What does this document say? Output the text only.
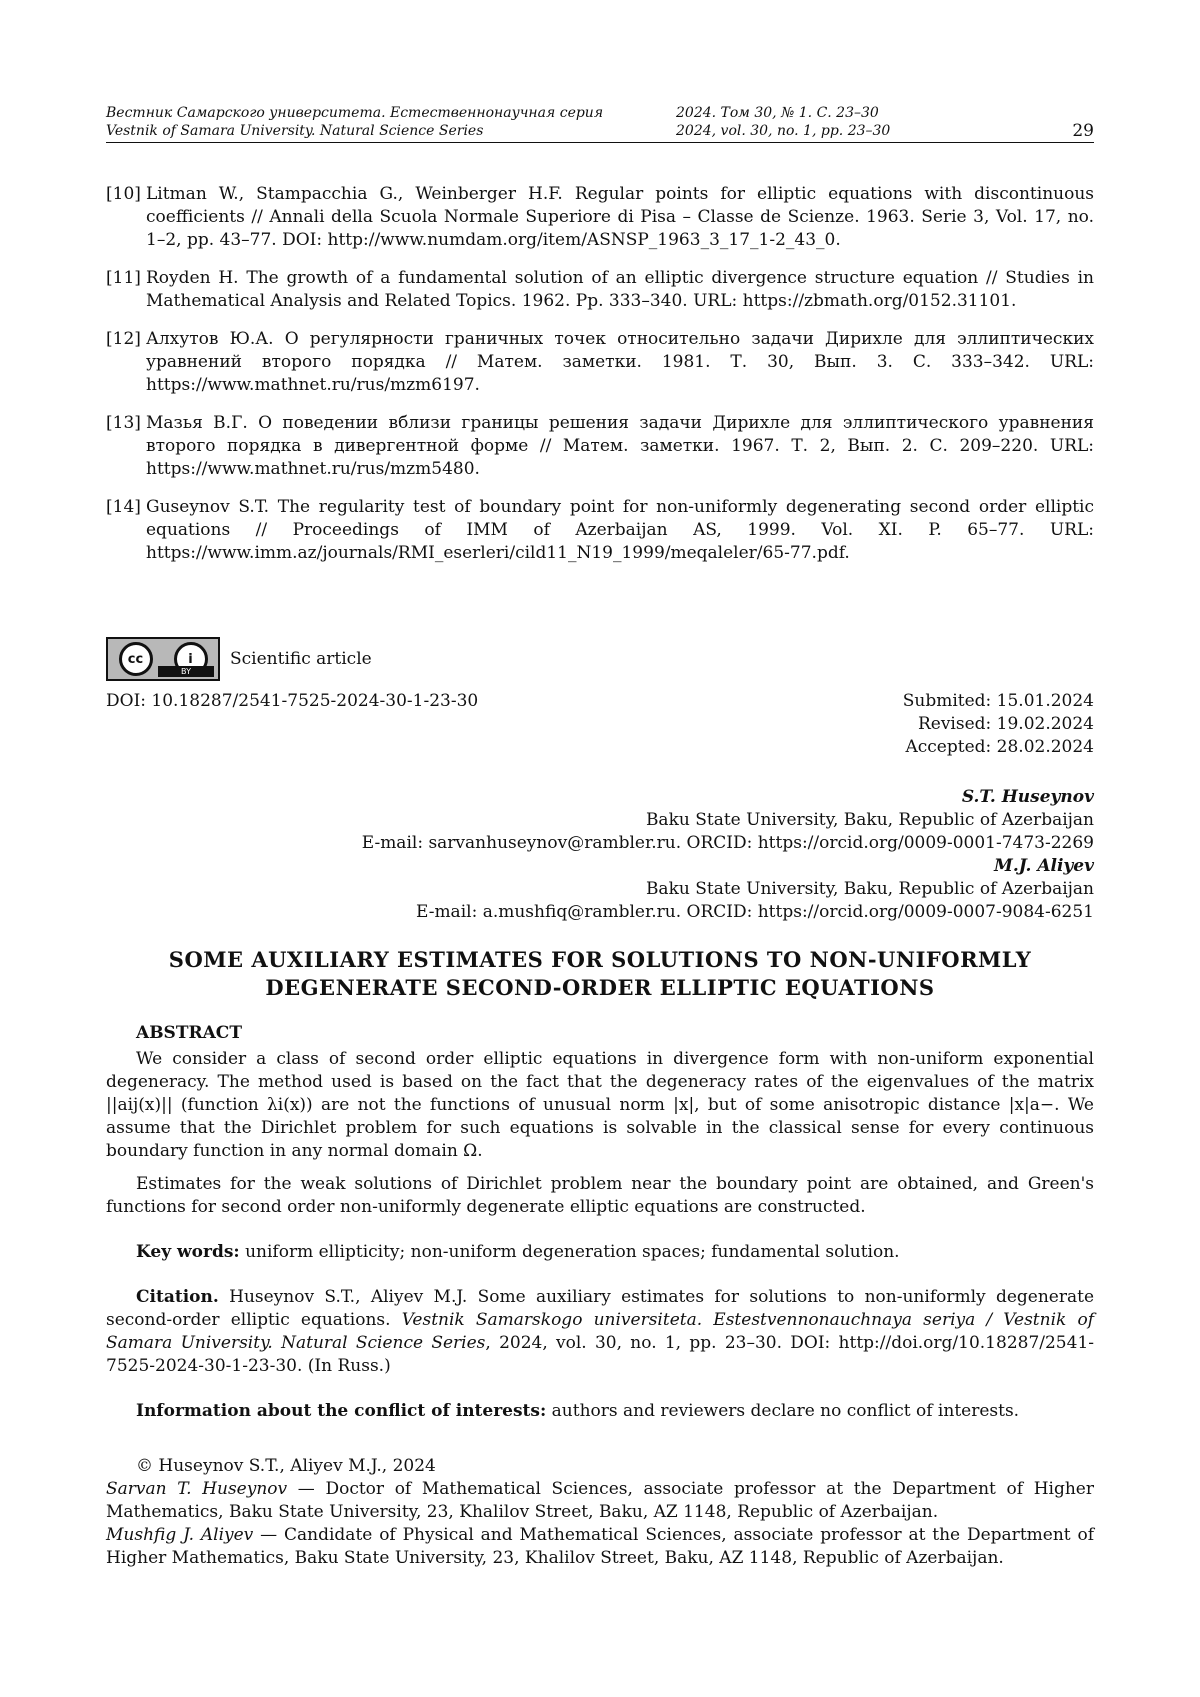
Вестник Самарского университета. Естественнонаучная серия	2024. Том 30, № 1. С. 23–30
Vestnik of Samara University. Natural Science Series	2024, vol. 30, no. 1, pp. 23–30	29
[10] Litman W., Stampacchia G., Weinberger H.F. Regular points for elliptic equations with discontinuous coefficients // Annali della Scuola Normale Superiore di Pisa – Classe de Scienze. 1963. Serie 3, Vol. 17, no. 1–2, pp. 43–77. DOI: http://www.numdam.org/item/ASNSP_1963_3_17_1-2_43_0.
[11] Royden H. The growth of a fundamental solution of an elliptic divergence structure equation // Studies in Mathematical Analysis and Related Topics. 1962. Pp. 333–340. URL: https://zbmath.org/0152.31101.
[12] Алхутов Ю.А. О регулярности граничных точек относительно задачи Дирихле для эллиптических уравнений второго порядка // Матем. заметки. 1981. Т. 30, Вып. 3. С. 333–342. URL: https://www.mathnet.ru/rus/mzm6197.
[13] Мазья В.Г. О поведении вблизи границы решения задачи Дирихле для эллиптического уравнения второго порядка в дивергентной форме // Матем. заметки. 1967. Т. 2, Вып. 2. С. 209–220. URL: https://www.mathnet.ru/rus/mzm5480.
[14] Guseynov S.T. The regularity test of boundary point for non-uniformly degenerating second order elliptic equations // Proceedings of IMM of Azerbaijan AS, 1999. Vol. XI. P. 65–77. URL: https://www.imm.az/journals/RMI_eserleri/cild11_N19_1999/meqaleler/65-77.pdf.
cc	i
BY
Scientific article
DOI: 10.18287/2541-7525-2024-30-1-23-30	Submited: 15.01.2024
Revised: 19.02.2024
Accepted: 28.02.2024
S.T. Huseynov
Baku State University, Baku, Republic of Azerbaijan
E-mail: sarvanhuseynov@rambler.ru. ORCID: https://orcid.org/0009-0001-7473-2269
M.J. Aliyev
Baku State University, Baku, Republic of Azerbaijan
E-mail: a.mushfiq@rambler.ru. ORCID: https://orcid.org/0009-0007-9084-6251
SOME AUXILIARY ESTIMATES FOR SOLUTIONS TO NON-UNIFORMLY
DEGENERATE SECOND-ORDER ELLIPTIC EQUATIONS
ABSTRACT

We consider a class of second order elliptic equations in divergence form with non-uniform exponential degeneracy. The method used is based on the fact that the degeneracy rates of the eigenvalues of the matrix ||aij(x)|| (function λi(x)) are not the functions of unusual norm |x|, but of some anisotropic distance |x|a−. We assume that the Dirichlet problem for such equations is solvable in the classical sense for every continuous boundary function in any normal domain Ω.

Estimates for the weak solutions of Dirichlet problem near the boundary point are obtained, and Green's functions for second order non-uniformly degenerate elliptic equations are constructed.

Key words: uniform ellipticity; non-uniform degeneration spaces; fundamental solution.

Citation. Huseynov S.T., Aliyev M.J. Some auxiliary estimates for solutions to non-uniformly degenerate second-order elliptic equations. Vestnik Samarskogo universiteta. Estestvennonauchnaya seriya / Vestnik of Samara University. Natural Science Series, 2024, vol. 30, no. 1, pp. 23–30. DOI: http://doi.org/10.18287/2541-7525-2024-30-1-23-30. (In Russ.)

Information about the conflict of interests: authors and reviewers declare no conflict of interests.

© Huseynov S.T., Aliyev M.J., 2024

Sarvan T. Huseynov — Doctor of Mathematical Sciences, associate professor at the Department of Higher Mathematics, Baku State University, 23, Khalilov Street, Baku, AZ 1148, Republic of Azerbaijan.

Mushfig J. Aliyev — Candidate of Physical and Mathematical Sciences, associate professor at the Department of Higher Mathematics, Baku State University, 23, Khalilov Street, Baku, AZ 1148, Republic of Azerbaijan.
